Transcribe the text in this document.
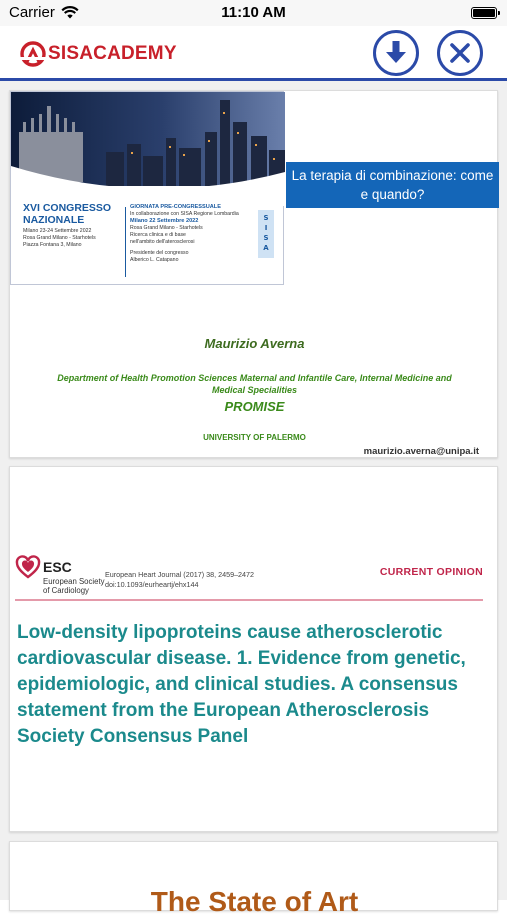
Carrier	11:10 AM
SISACADEMY
XVI CONGRESSO NAZIONALE
Milano 23-24 Settembre 2022
Rosa Grand Milano - Starhotels
Piazza Fontana 3, Milano
GIORNATA PRE-CONGRESSUALE
In collaborazione con SISA Regione Lombardia
Milano 22 Settembre 2022
Rosa Grand Milano - Starhotels
Ricerca clinica e di base
nell'ambito dell'aterosclerosi
Presidente del congresso
Alberico L. Catapano
S
I
S
A
La terapia di combinazione: come e quando?
Maurizio Averna
Department of Health Promotion Sciences Maternal and Infantile Care, Internal Medicine and Medical Specialities
PROMISE
UNIVERSITY OF PALERMO
maurizio.averna@unipa.it
ESC
European Society
of Cardiology
European Heart Journal (2017) 38, 2459–2472
doi:10.1093/eurheartj/ehx144
CURRENT OPINION
Low-density lipoproteins cause atherosclerotic cardiovascular disease. 1. Evidence from genetic, epidemiologic, and clinical studies. A consensus statement from the European Atherosclerosis Society Consensus Panel
The State of Art
